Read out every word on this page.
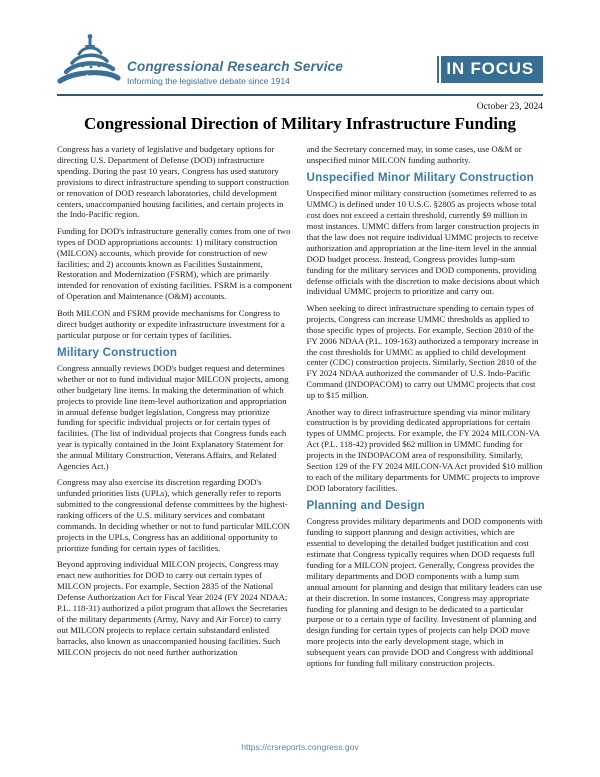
Congressional Research Service
Informing the legislative debate since 1914
IN FOCUS
October 23, 2024
Congressional Direction of Military Infrastructure Funding

Congress has a variety of legislative and budgetary options for directing U.S. Department of Defense (DOD) infrastructure spending. During the past 10 years, Congress has used statutory provisions to direct infrastructure spending to support construction or renovation of DOD research laboratories, child development centers, unaccompanied housing facilities, and certain projects in the Indo-Pacific region.

Funding for DOD's infrastructure generally comes from one of two types of DOD appropriations accounts: 1) military construction (MILCON) accounts, which provide for construction of new facilities; and 2) accounts known as Facilities Sustainment, Restoration and Modernization (FSRM), which are primarily intended for renovation of existing facilities. FSRM is a component of Operation and Maintenance (O&M) accounts.

Both MILCON and FSRM provide mechanisms for Congress to direct budget authority or expedite infrastructure investment for a particular purpose or for certain types of facilities.

Military Construction

Congress annually reviews DOD's budget request and determines whether or not to fund individual major MILCON projects, among other budgetary line items. In making the determination of which projects to provide line item-level authorization and appropriation in annual defense budget legislation, Congress may prioritize funding for specific individual projects or for certain types of facilities. (The list of individual projects that Congress funds each year is typically contained in the Joint Explanatory Statement for the annual Military Construction, Veterans Affairs, and Related Agencies Act.)

Congress may also exercise its discretion regarding DOD's unfunded priorities lists (UPLs), which generally refer to reports submitted to the congressional defense committees by the highest-ranking officers of the U.S. military services and combatant commands. In deciding whether or not to fund particular MILCON projects in the UPLs, Congress has an additional opportunity to prioritize funding for certain types of facilities.

Beyond approving individual MILCON projects, Congress may enact new authorities for DOD to carry out certain types of MILCON projects. For example, Section 2835 of the National Defense Authorization Act for Fiscal Year 2024 (FY 2024 NDAA; P.L. 118-31) authorized a pilot program that allows the Secretaries of the military departments (Army, Navy and Air Force) to carry out MILCON projects to replace certain substandard enlisted barracks, also known as unaccompanied housing facilities. Such MILCON projects do not need further authorization

and the Secretary concerned may, in some cases, use O&M or unspecified minor MILCON funding authority.

Unspecified Minor Military Construction

Unspecified minor military construction (sometimes referred to as UMMC) is defined under 10 U.S.C. §2805 as projects whose total cost does not exceed a certain threshold, currently $9 million in most instances. UMMC differs from larger construction projects in that the law does not require individual UMMC projects to receive authorization and appropriation at the line-item level in the annual DOD budget process. Instead, Congress provides lump-sum funding for the military services and DOD components, providing defense officials with the discretion to make decisions about which individual UMMC projects to prioritize and carry out.

When seeking to direct infrastructure spending to certain types of projects, Congress can increase UMMC thresholds as applied to those specific types of projects. For example, Section 2810 of the FY 2006 NDAA (P.L. 109-163) authorized a temporary increase in the cost thresholds for UMMC as applied to child development center (CDC) construction projects. Similarly, Section 2810 of the FY 2024 NDAA authorized the commander of U.S. Indo-Pacific Command (INDOPACOM) to carry out UMMC projects that cost up to $15 million.

Another way to direct infrastructure spending via minor military construction is by providing dedicated appropriations for certain types of UMMC projects. For example, the FY 2024 MILCON-VA Act (P.L. 118-42) provided $62 million in UMMC funding for projects in the INDOPACOM area of responsibility. Similarly, Section 129 of the FY 2024 MILCON-VA Act provided $10 million to each of the military departments for UMMC projects to improve DOD laboratory facilities.

Planning and Design

Congress provides military departments and DOD components with funding to support planning and design activities, which are essential to developing the detailed budget justification and cost estimate that Congress typically requires when DOD requests full funding for a MILCON project. Generally, Congress provides the military departments and DOD components with a lump sum annual amount for planning and design that military leaders can use at their discretion. In some instances, Congress may appropriate funding for planning and design to be dedicated to a particular purpose or to a certain type of facility. Investment of planning and design funding for certain types of projects can help DOD move more projects into the early development stage, which in subsequent years can provide DOD and Congress with additional options for funding full military construction projects.

https://crsreports.congress.gov
